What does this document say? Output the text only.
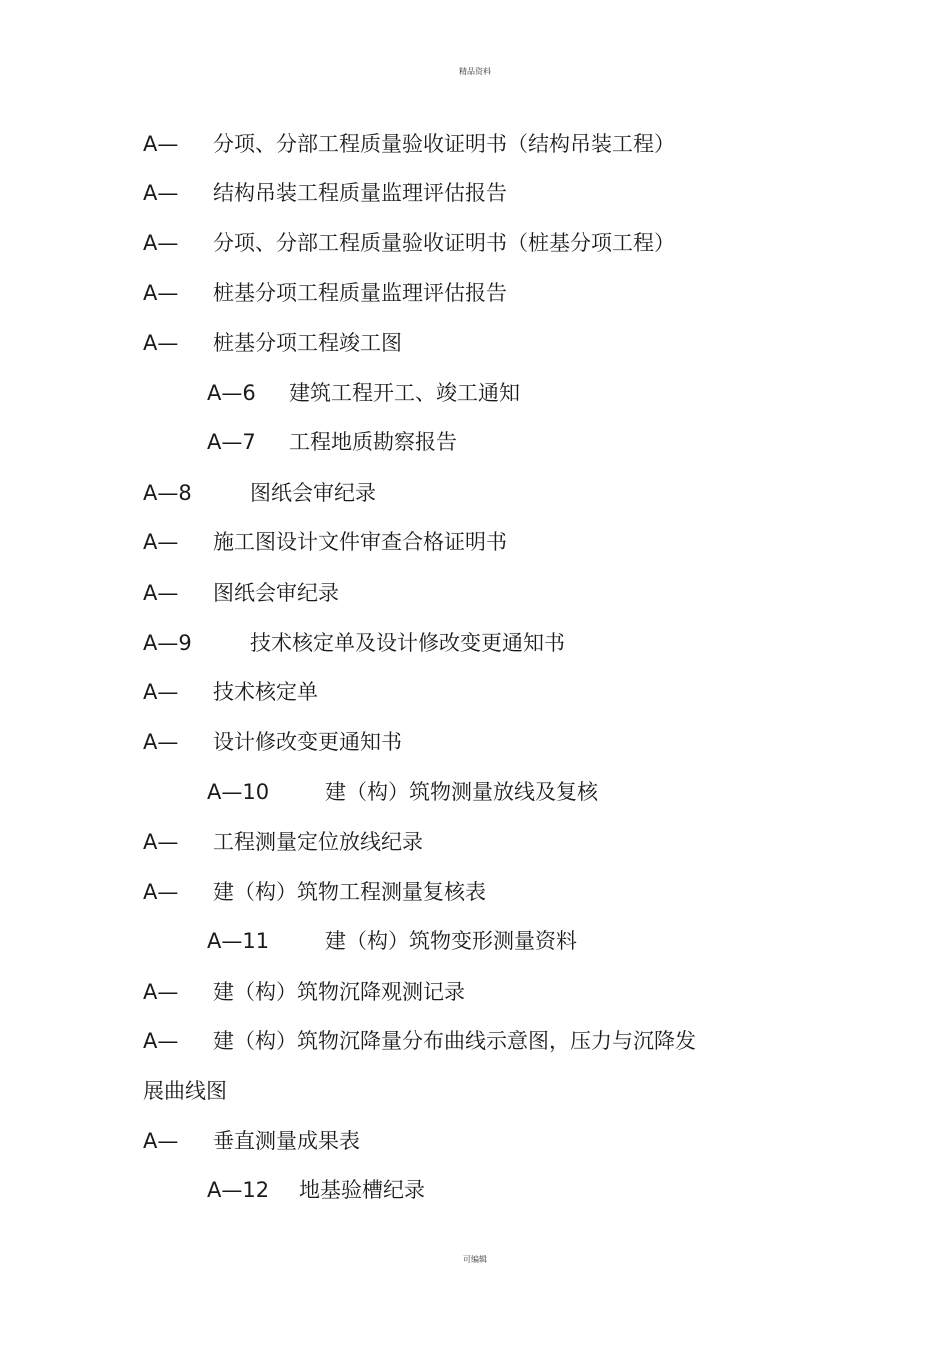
精品资料
A— 分项、分部工程质量验收证明书（结构吊装工程）
A— 结构吊装工程质量监理评估报告
A— 分项、分部工程质量验收证明书（桩基分项工程）
A— 桩基分项工程质量监理评估报告
A— 桩基分项工程竣工图
A—6 建筑工程开工、竣工通知
A—7 工程地质勘察报告
A—8	图纸会审纪录
A— 施工图设计文件审查合格证明书
A— 图纸会审纪录
A—9	技术核定单及设计修改变更通知书
A— 技术核定单
A— 设计修改变更通知书
A—10	建（构）筑物测量放线及复核
A— 工程测量定位放线纪录
A— 建（构）筑物工程测量复核表
A—11	建（构）筑物变形测量资料
A— 建（构）筑物沉降观测记录
A— 建（构）筑物沉降量分布曲线示意图，压力与沉降发
展曲线图
A— 垂直测量成果表
A—12 地基验槽纪录
可编辑
